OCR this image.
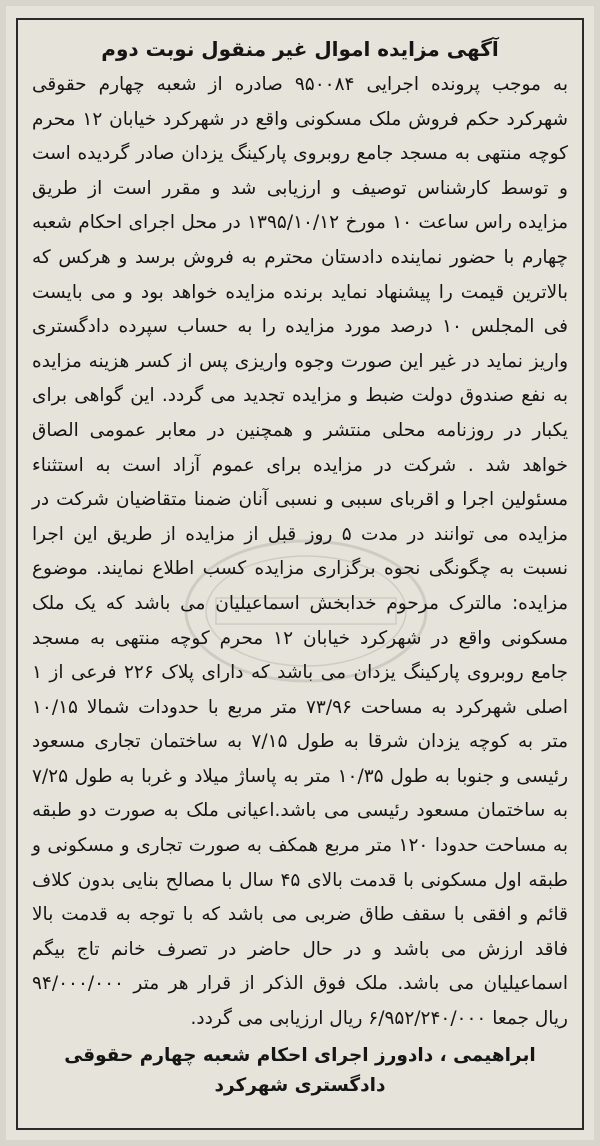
آگهی مزایده اموال غیر منقول نوبت دوم

به موجب پرونده اجرایی ۹۵۰۰۸۴ صادره از شعبه چهارم حقوقی شهرکرد حکم فروش ملک مسکونی واقع در شهرکرد خیابان ۱۲ محرم کوچه منتهی به مسجد جامع روبروی پارکینگ یزدان صادر گردیده است و توسط کارشناس توصیف و ارزیابی شد و مقرر است از طریق مزایده راس ساعت ۱۰ مورخ ۱۳۹۵/۱۰/۱۲ در محل اجرای احکام شعبه چهارم با حضور نماینده دادستان محترم به فروش برسد و هرکس که بالاترین قیمت را پیشنهاد نماید برنده مزایده خواهد بود و می بایست فی المجلس ۱۰ درصد مورد مزایده را به حساب سپرده دادگستری واریز نماید در غیر این صورت وجوه واریزی پس از کسر هزینه مزایده به نفع صندوق دولت ضبط و مزایده تجدید می گردد. این گواهی برای یکبار در روزنامه محلی منتشر و همچنین در معابر عمومی الصاق خواهد شد . شرکت در مزایده برای عموم آزاد است به استثناء مسئولین اجرا و اقربای سببی و نسبی آنان ضمنا متقاضیان شرکت در مزایده می توانند در مدت ۵ روز قبل از مزایده از طریق این اجرا نسبت به چگونگی نحوه برگزاری مزایده کسب اطلاع نمایند. موضوع مزایده: مالترک مرحوم خدابخش اسماعیلیان می باشد که یک ملک مسکونی واقع در شهرکرد خیابان ۱۲ محرم کوچه منتهی به مسجد جامع روبروی پارکینگ یزدان می باشد که دارای پلاک ۲۲۶ فرعی از ۱ اصلی شهرکرد به مساحت ۷۳/۹۶ متر مربع با حدودات شمالا ۱۰/۱۵ متر به کوچه یزدان شرقا به طول ۷/۱۵ به ساختمان تجاری مسعود رئیسی و جنوبا به طول ۱۰/۳۵ متر به پاساژ میلاد و غربا به طول ۷/۲۵ به ساختمان مسعود رئیسی می باشد.اعیانی ملک به صورت دو طبقه به مساحت حدودا ۱۲۰ متر مربع همکف به صورت تجاری و مسکونی و طبقه اول مسکونی با قدمت بالای ۴۵ سال با مصالح بنایی بدون کلاف قائم و افقی با سقف طاق ضربی می باشد که با توجه به قدمت بالا فاقد ارزش می باشد و در حال حاضر در تصرف خانم تاج بیگم اسماعیلیان می باشد. ملک فوق الذکر از قرار هر متر ۹۴/۰۰۰/۰۰۰ ریال جمعا ۶/۹۵۲/۲۴۰/۰۰۰ ریال ارزیابی می گردد.

ابراهیمی ، دادورز اجرای احکام شعبه چهارم حقوقی دادگستری شهرکرد
